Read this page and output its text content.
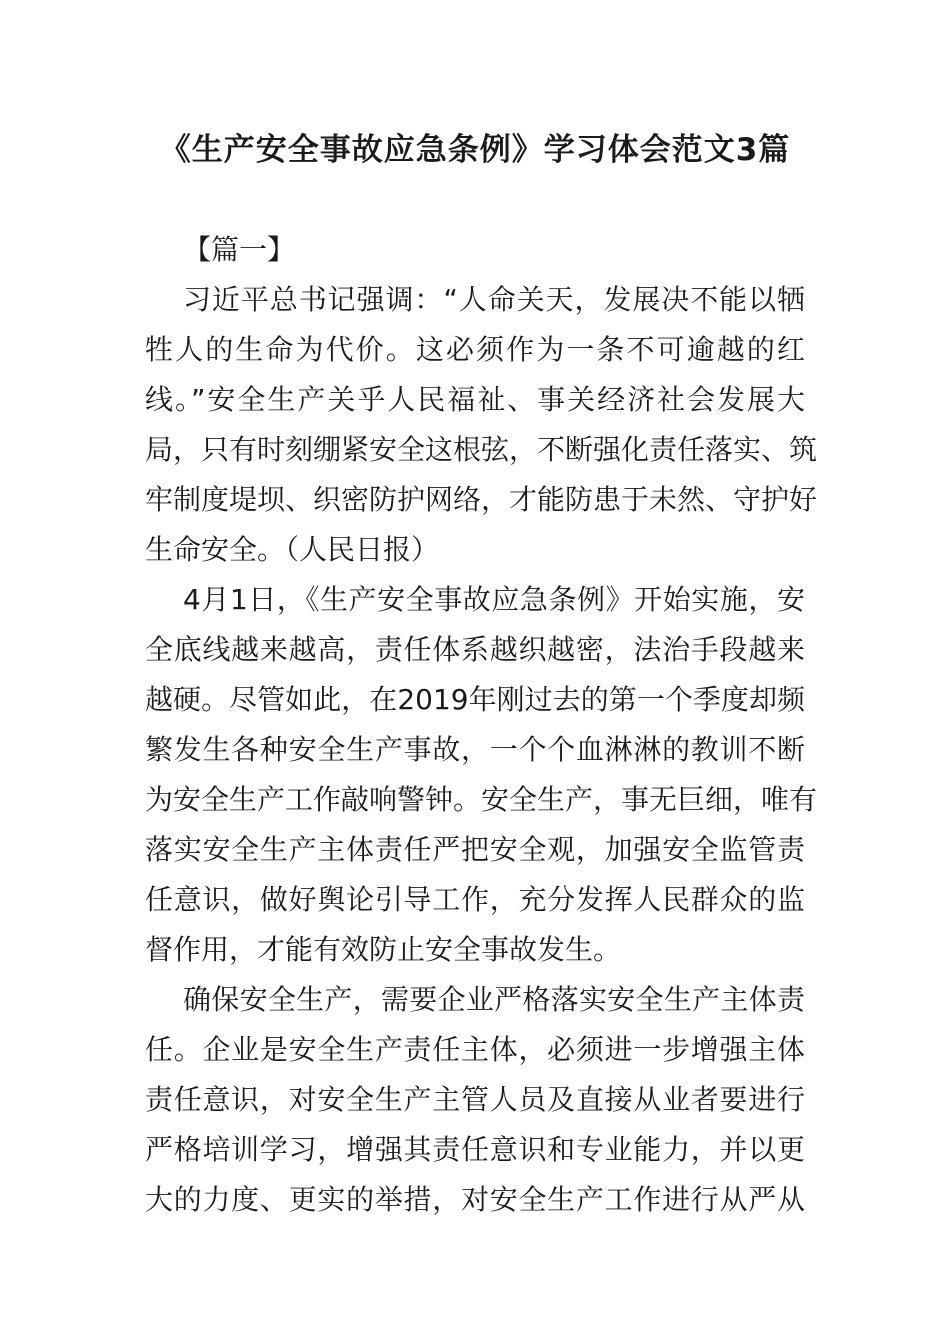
《生产安全事故应急条例》学习体会范文3篇
【篇一】
习近平总书记强调：“人命关天，发展决不能以牺
牲人的生命为代价。这必须作为一条不可逾越的红
线。”安全生产关乎人民福祉、事关经济社会发展大
局，只有时刻绷紧安全这根弦，不断强化责任落实、筑
牢制度堤坝、织密防护网络，才能防患于未然、守护好
生命安全。（人民日报）
4月1日，《生产安全事故应急条例》开始实施，安
全底线越来越高，责任体系越织越密，法治手段越来
越硬。尽管如此，在2019年刚过去的第一个季度却频
繁发生各种安全生产事故，一个个血淋淋的教训不断
为安全生产工作敲响警钟。安全生产，事无巨细，唯有
落实安全生产主体责任严把安全观，加强安全监管责
任意识，做好舆论引导工作，充分发挥人民群众的监
督作用，才能有效防止安全事故发生。
确保安全生产，需要企业严格落实安全生产主体责
任。企业是安全生产责任主体，必须进一步增强主体
责任意识，对安全生产主管人员及直接从业者要进行
严格培训学习，增强其责任意识和专业能力，并以更
大的力度、更实的举措，对安全生产工作进行从严从
